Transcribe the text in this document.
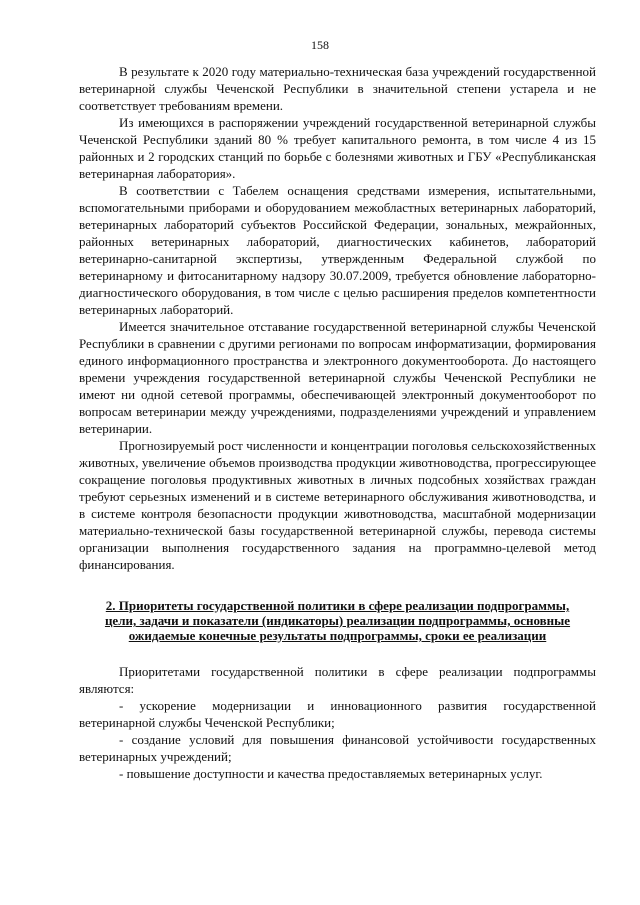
158

В результате к 2020 году материально-техническая база учреждений государственной ветеринарной службы Чеченской Республики в значительной степени устарела и не соответствует требованиям времени.

Из имеющихся в распоряжении учреждений государственной ветеринарной службы Чеченской Республики зданий 80 % требует капитального ремонта, в том числе 4 из 15 районных и 2 городских станций по борьбе с болезнями животных и ГБУ «Республиканская ветеринарная лаборатория».

В соответствии с Табелем оснащения средствами измерения, испытательными, вспомогательными приборами и оборудованием межобластных ветеринарных лабораторий, ветеринарных лабораторий субъектов Российской Федерации, зональных, межрайонных, районных ветеринарных лабораторий, диагностических кабинетов, лабораторий ветеринарно-санитарной экспертизы, утвержденным Федеральной службой по ветеринарному и фитосанитарному надзору 30.07.2009, требуется обновление лабораторно-диагностического оборудования, в том числе с целью расширения пределов компетентности ветеринарных лабораторий.

Имеется значительное отставание государственной ветеринарной службы Чеченской Республики в сравнении с другими регионами по вопросам информатизации, формирования единого информационного пространства и электронного документооборота. До настоящего времени учреждения государственной ветеринарной службы Чеченской Республики не имеют ни одной сетевой программы, обеспечивающей электронный документооборот по вопросам ветеринарии между учреждениями, подразделениями учреждений и управлением ветеринарии.

Прогнозируемый рост численности и концентрации поголовья сельскохозяйственных животных, увеличение объемов производства продукции животноводства, прогрессирующее сокращение поголовья продуктивных животных в личных подсобных хозяйствах граждан требуют серьезных изменений и в системе ветеринарного обслуживания животноводства, и в системе контроля безопасности продукции животноводства, масштабной модернизации материально-технической базы государственной ветеринарной службы, перевода системы организации выполнения государственного задания на программно-целевой метод финансирования.

2. Приоритеты государственной политики в сфере реализации подпрограммы, цели, задачи и показатели (индикаторы) реализации подпрограммы, основные ожидаемые конечные результаты подпрограммы, сроки ее реализации

Приоритетами государственной политики в сфере реализации подпрограммы являются:

- ускорение модернизации и инновационного развития государственной ветеринарной службы Чеченской Республики;

- создание условий для повышения финансовой устойчивости государственных ветеринарных учреждений;

- повышение доступности и качества предоставляемых ветеринарных услуг.
